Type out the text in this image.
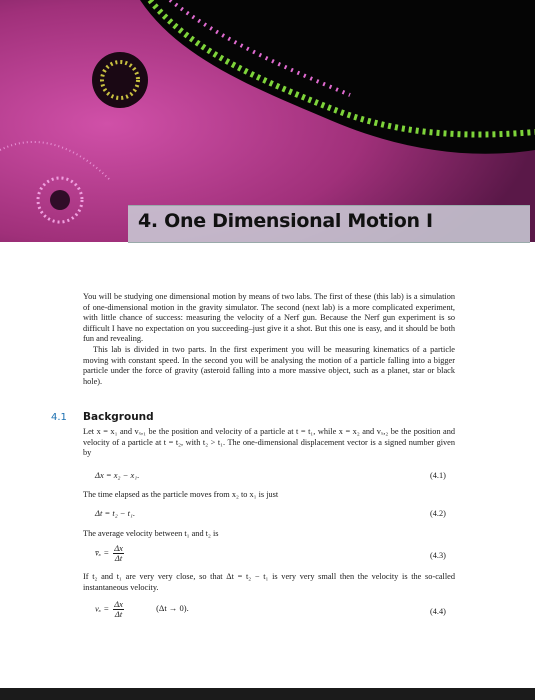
4. One Dimensional Motion I
You will be studying one dimensional motion by means of two labs. The first of these (this lab) is a simulation of one-dimensional motion in the gravity simulator. The second (next lab) is a more complicated experiment, with little chance of success: measuring the velocity of a Nerf gun. Because the Nerf gun experiment is so difficult I have no expectation on you succeeding–just give it a shot. But this one is easy, and it should be both fun and revealing.
This lab is divided in two parts. In the first experiment you will be measuring kinematics of a particle moving with constant speed. In the second you will be analysing the motion of a particle falling into a bigger particle under the force of gravity (asteroid falling into a more massive object, such as a planet, star or black hole).
4.1 Background
Let x = x₁ and vₓ,₁ be the position and velocity of a particle at t = t₁, while x = x₂ and vₓ,₂ be the position and velocity of a particle at t = t₂, with t₂ > t₁. The one-dimensional displacement vector is a signed number given by
Δx = x₂ − x₁.	(4.1)
The time elapsed as the particle moves from x₂ to x₁ is just
Δt = t₂ − t₁.	(4.2)
The average velocity between t₁ and t₂ is
v̄ₓ = $\frac{\Delta x}{\Delta t}$	(4.3)
If t₂ and t₁ are very very close, so that Δt = t₂ − t₁ is very very small then the velocity is the so-called instantaneous velocity.
$v_x = \frac{\Delta x}{\Delta t}$	(Δt → 0).	(4.4)
